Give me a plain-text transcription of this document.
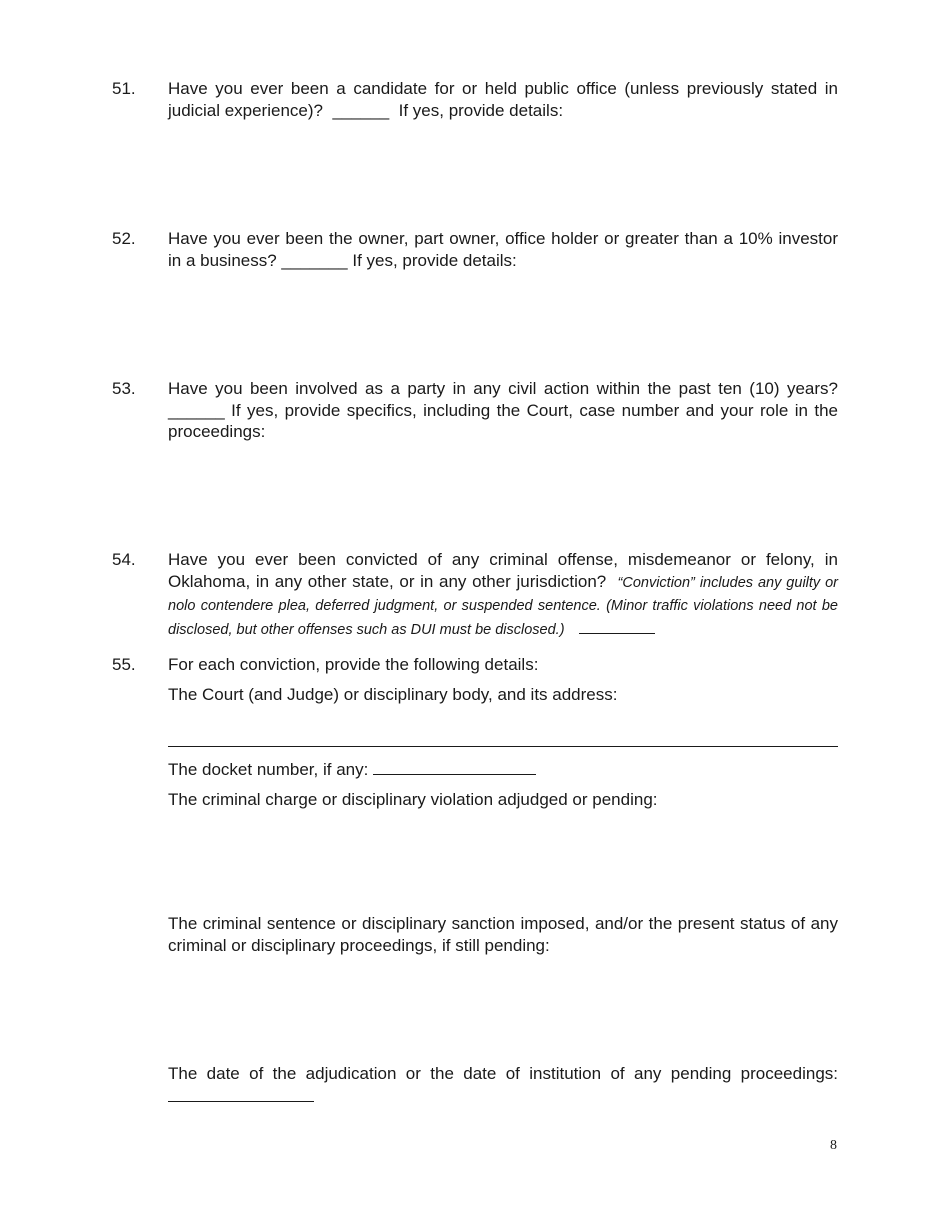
51. Have you ever been a candidate for or held public office (unless previously stated in judicial experience)? ______ If yes, provide details:

52. Have you ever been the owner, part owner, office holder or greater than a 10% investor in a business? _______ If yes, provide details:

53. Have you been involved as a party in any civil action within the past ten (10) years? ______ If yes, provide specifics, including the Court, case number and your role in the proceedings:

54. Have you ever been convicted of any criminal offense, misdemeanor or felony, in Oklahoma, in any other state, or in any other jurisdiction? “Conviction” includes any guilty or nolo contendere plea, deferred judgment, or suspended sentence. (Minor traffic violations need not be disclosed, but other offenses such as DUI must be disclosed.)

55. For each conviction, provide the following details:

The Court (and Judge) or disciplinary body, and its address:
The docket number, if any:
The criminal charge or disciplinary violation adjudged or pending:
The criminal sentence or disciplinary sanction imposed, and/or the present status of any criminal or disciplinary proceedings, if still pending:
The date of the adjudication or the date of institution of any pending proceedings:
8
